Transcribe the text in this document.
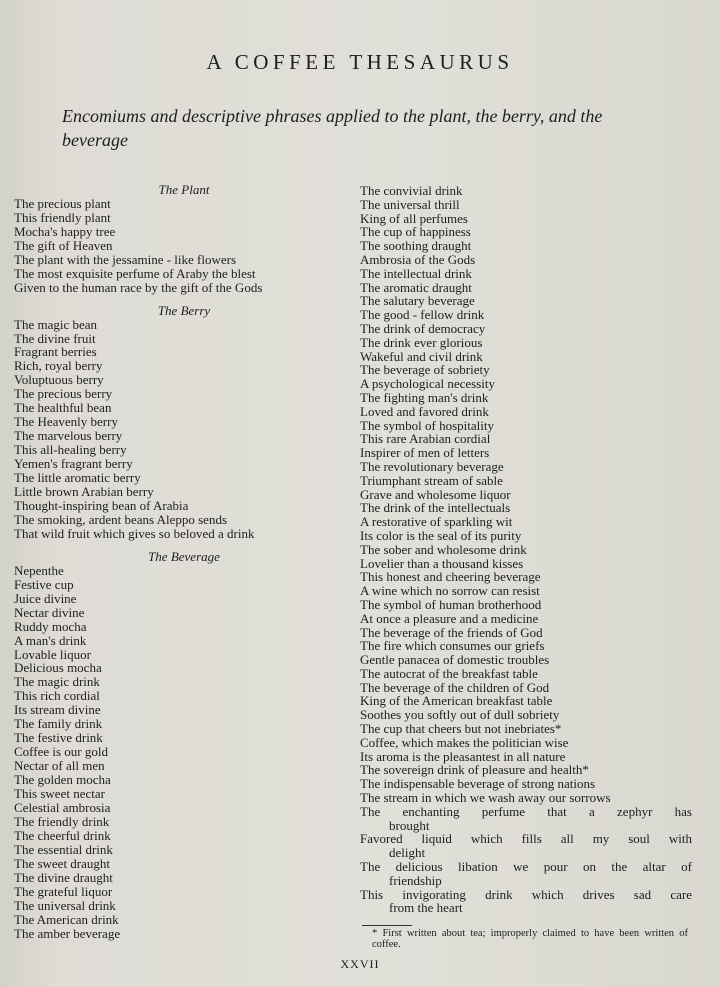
A COFFEE THESAURUS

Encomiums and descriptive phrases applied to the plant, the berry, and the beverage

The Plant
The precious plant
This friendly plant
Mocha's happy tree
The gift of Heaven
The plant with the jessamine - like flowers
The most exquisite perfume of Araby the blest
Given to the human race by the gift of the Gods
The Berry
The magic bean
The divine fruit
Fragrant berries
Rich, royal berry
Voluptuous berry
The precious berry
The healthful bean
The Heavenly berry
The marvelous berry
This all-healing berry
Yemen's fragrant berry
The little aromatic berry
Little brown Arabian berry
Thought-inspiring bean of Arabia
The smoking, ardent beans Aleppo sends
That wild fruit which gives so beloved a drink
The Beverage
Nepenthe
Festive cup
Juice divine
Nectar divine
Ruddy mocha
A man's drink
Lovable liquor
Delicious mocha
The magic drink
This rich cordial
Its stream divine
The family drink
The festive drink
Coffee is our gold
Nectar of all men
The golden mocha
This sweet nectar
Celestial ambrosia
The friendly drink
The cheerful drink
The essential drink
The sweet draught
The divine draught
The grateful liquor
The universal drink
The American drink
The amber beverage
The convivial drink
The universal thrill
King of all perfumes
The cup of happiness
The soothing draught
Ambrosia of the Gods
The intellectual drink
The aromatic draught
The salutary beverage
The good - fellow drink
The drink of democracy
The drink ever glorious
Wakeful and civil drink
The beverage of sobriety
A psychological necessity
The fighting man's drink
Loved and favored drink
The symbol of hospitality
This rare Arabian cordial
Inspirer of men of letters
The revolutionary beverage
Triumphant stream of sable
Grave and wholesome liquor
The drink of the intellectuals
A restorative of sparkling wit
Its color is the seal of its purity
The sober and wholesome drink
Lovelier than a thousand kisses
This honest and cheering beverage
A wine which no sorrow can resist
The symbol of human brotherhood
At once a pleasure and a medicine
The beverage of the friends of God
The fire which consumes our griefs
Gentle panacea of domestic troubles
The autocrat of the breakfast table
The beverage of the children of God
King of the American breakfast table
Soothes you softly out of dull sobriety
The cup that cheers but not inebriates*
Coffee, which makes the politician wise
Its aroma is the pleasantest in all nature
The sovereign drink of pleasure and health*
The indispensable beverage of strong nations
The stream in which we wash away our sorrows
The enchanting perfume that a zephyr has
brought
Favored liquid which fills all my soul with
delight
The delicious libation we pour on the altar of
friendship
This invigorating drink which drives sad care
from the heart
* First written about tea; improperly claimed to have been written of coffee.
XXVII
